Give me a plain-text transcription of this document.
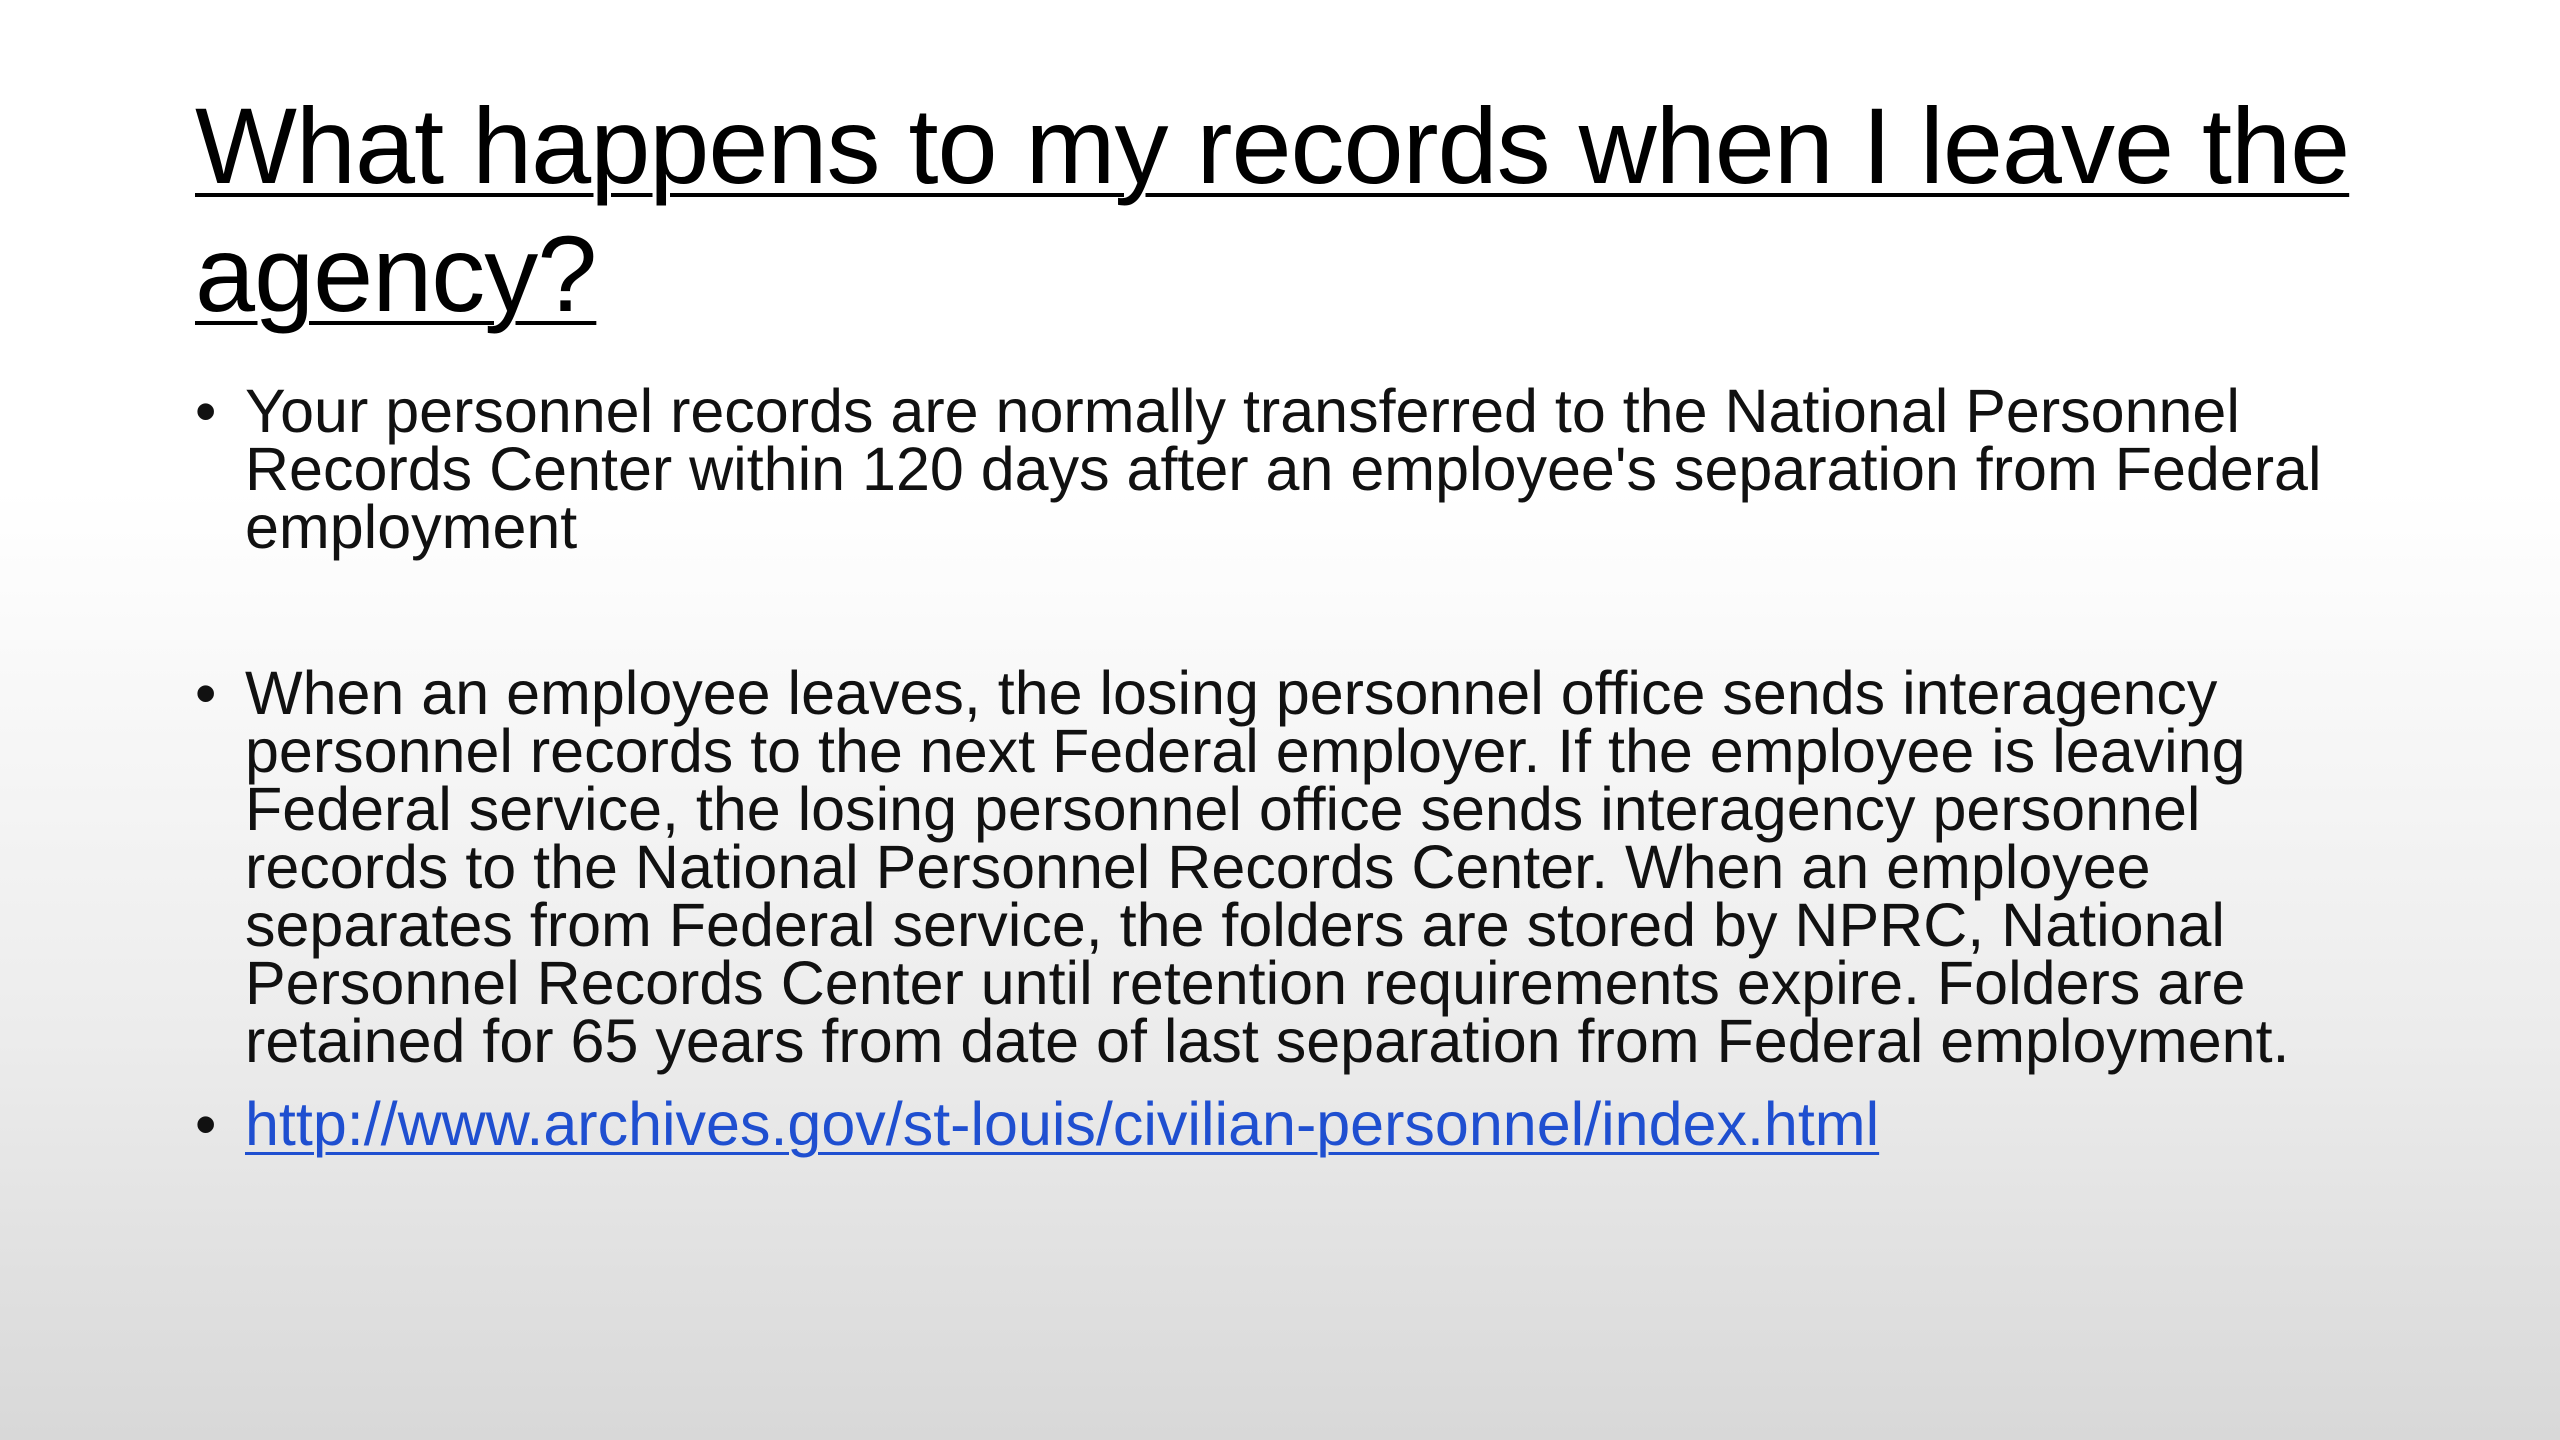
What happens to my records when I leave the agency?
• Your personnel records are normally transferred to the National Personnel Records Center within 120 days after an employee's separation from Federal employment
• When an employee leaves, the losing personnel office sends interagency personnel records to the next Federal employer. If the employee is leaving Federal service, the losing personnel office sends interagency personnel records to the National Personnel Records Center. When an employee separates from Federal service, the folders are stored by NPRC, National Personnel Records Center until retention requirements expire. Folders are retained for 65 years from date of last separation from Federal employment.
• http://www.archives.gov/st-louis/civilian-personnel/index.html
